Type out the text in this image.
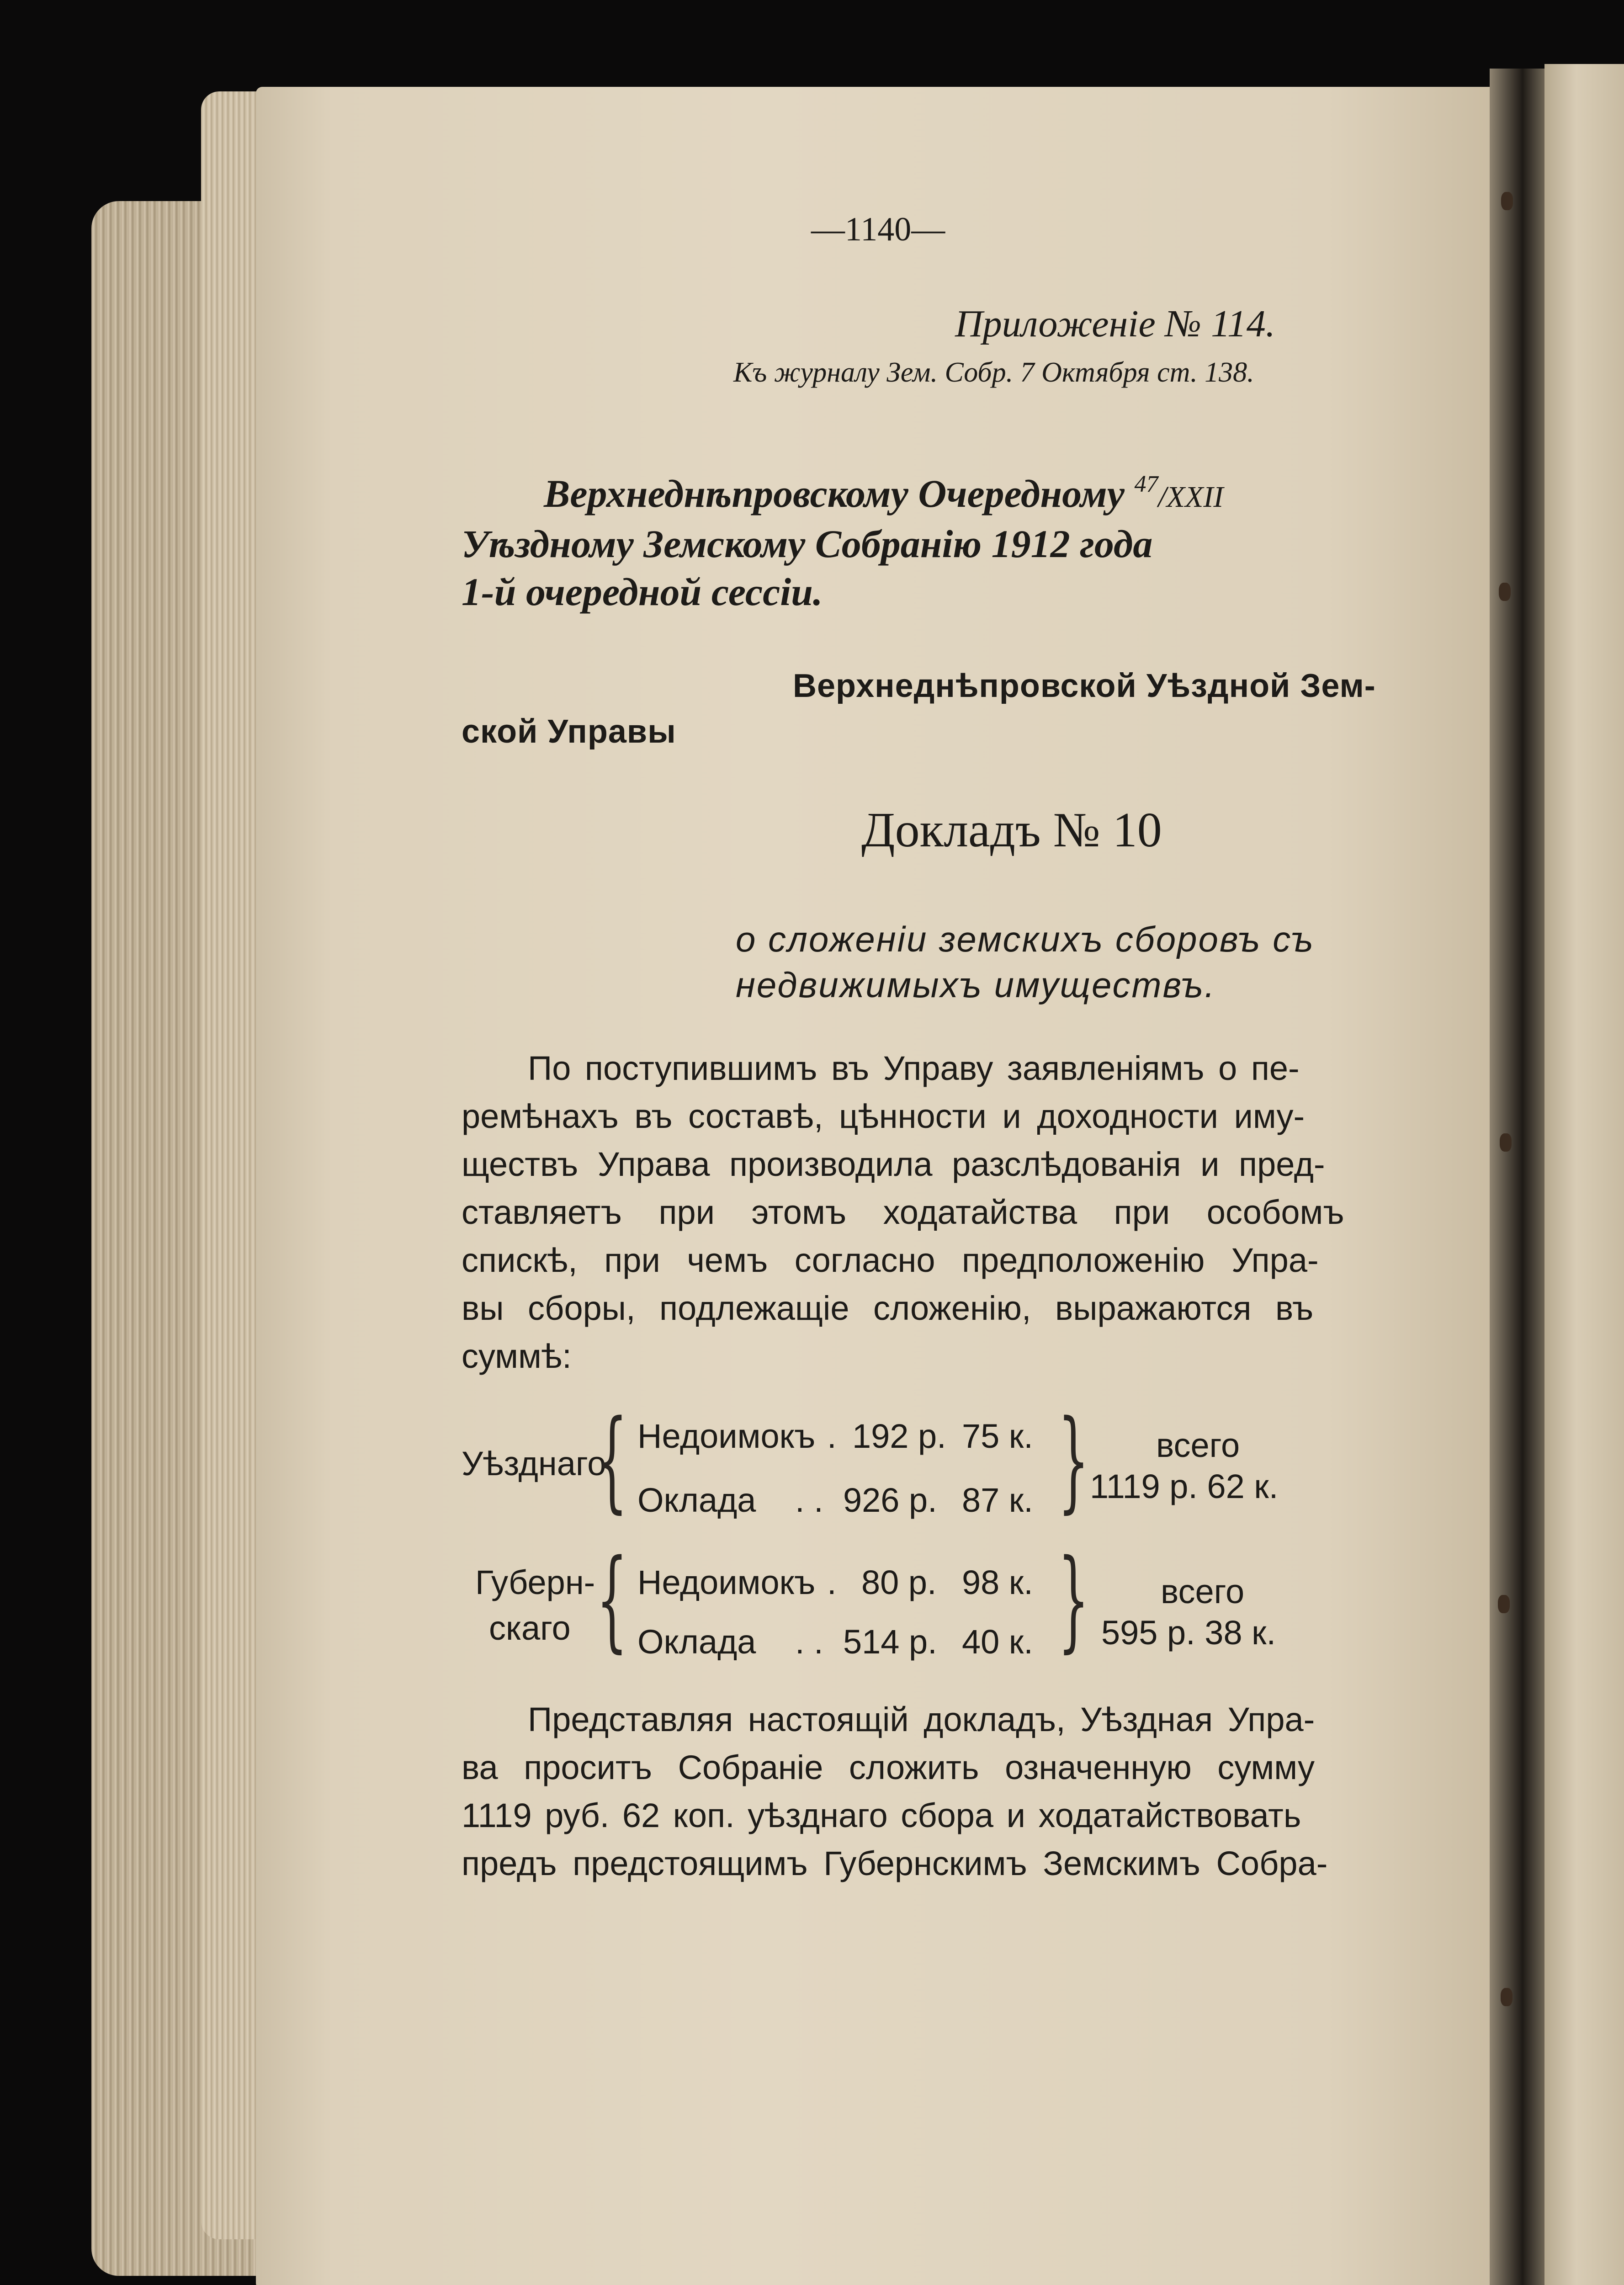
—1140—
Приложенiе № 114.
Къ журналу Зем. Собр. 7 Октября ст. 138.
Верхнеднѣпровскому Очередному $^{47}$/XXII
Уѣздному Земскому Собранiю 1912 года
1-й очередной сессiи.
Верхнеднѣпровской Уѣздной Зем-
ской Управы
Докладъ № 10
о сложенiи земскихъ сборовъ съ
недвижимыхъ имуществъ.
По поступившимъ въ Управу заявленiямъ о пе-
ремѣнахъ въ составѣ, цѣнности и доходности иму-
ществъ Управа производила разслѣдованiя и пред-
ставляетъ при этомъ ходатайства при особомъ
спискѣ, при чемъ согласно предположенiю Упра-
вы сборы, подлежащiе сложенiю, выражаются въ
суммѣ:
Уѣзднаго
{ Недоимокъ . 192 р. 75 к.
Оклада . . 926 р. 87 к. } всего
1119 р. 62 к.
Губерн-
скаго { Недоимокъ . 80 р. 98 к.
Оклада . . 514 р. 40 к. } всего
595 р. 38 к.
Представляя настоящiй докладъ, Уѣздная Упра-
ва проситъ Собранiе сложить означенную сумму
1119 руб. 62 коп. уѣзднаго сбора и ходатайствовать
предъ предстоящимъ Губернскимъ Земскимъ Собра-
